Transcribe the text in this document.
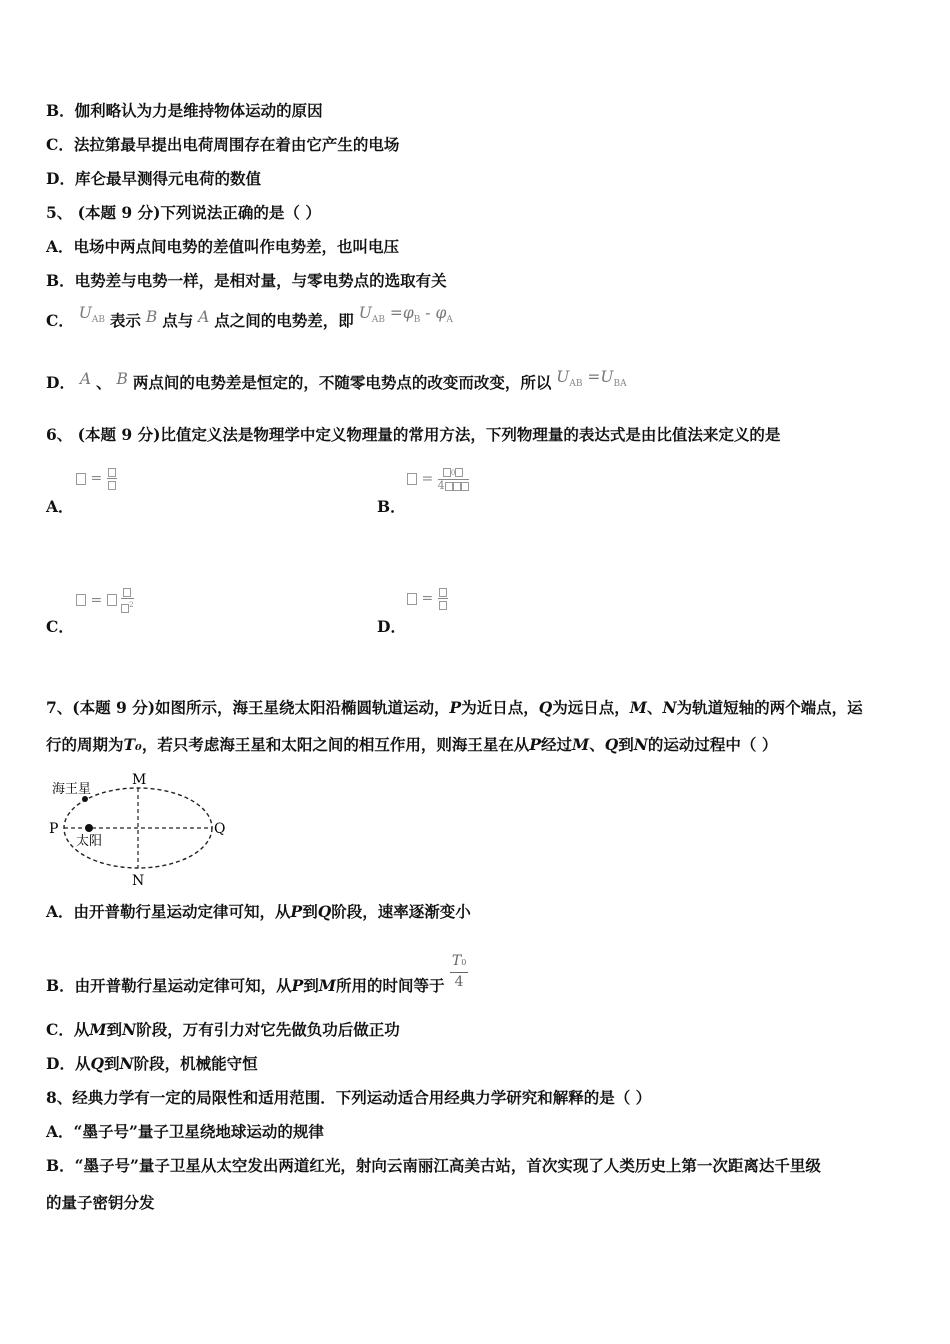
B．伽利略认为力是维持物体运动的原因
C．法拉第最早提出电荷周围存在着由它产生的电场
D．库仑最早测得元电荷的数值
5、 (本题 9 分)下列说法正确的是（ ）
A．电场中两点间电势的差值叫作电势差，也叫电压
B．电势差与电势一样，是相对量，与零电势点的选取有关
C． $U_{AB}$ 表示 B 点与 A 点之间的电势差，即 $U_{AB} =\varphi_B - \varphi_A$
D． A 、 B 两点间的电势差是恒定的，不随零电势点的改变而改变，所以 $U_{AB} =U_{BA}$
6、 (本题 9 分)比值定义法是物理学中定义物理量的常用方法，下列物理量的表达式是由比值法来定义的是
=
A．
= $\frac{0}{4}$
B．
=	$^2$
C．
=
D．
7、(本题 9 分)如图所示，海王星绕太阳沿椭圆轨道运动，P为近日点，Q为远日点，M、N为轨道短轴的两个端点，运
行的周期为T₀，若只考虑海王星和太阳之间的相互作用，则海王星在从P经过M、Q到N的运动过程中（ ）
海王星
太阳
M
N
P	Q
A．由开普勒行星运动定律可知，从P到Q阶段，速率逐渐变小
B．由开普勒行星运动定律可知，从P到M所用的时间等于 $\frac{T0}{4}$
C．从M到N阶段，万有引力对它先做负功后做正功
D．从Q到N阶段，机械能守恒
8、经典力学有一定的局限性和适用范围．下列运动适合用经典力学研究和解释的是（ ）
A．“墨子号”量子卫星绕地球运动的规律
B．“墨子号”量子卫星从太空发出两道红光，射向云南丽江高美古站，首次实现了人类历史上第一次距离达千里级
的量子密钥分发
